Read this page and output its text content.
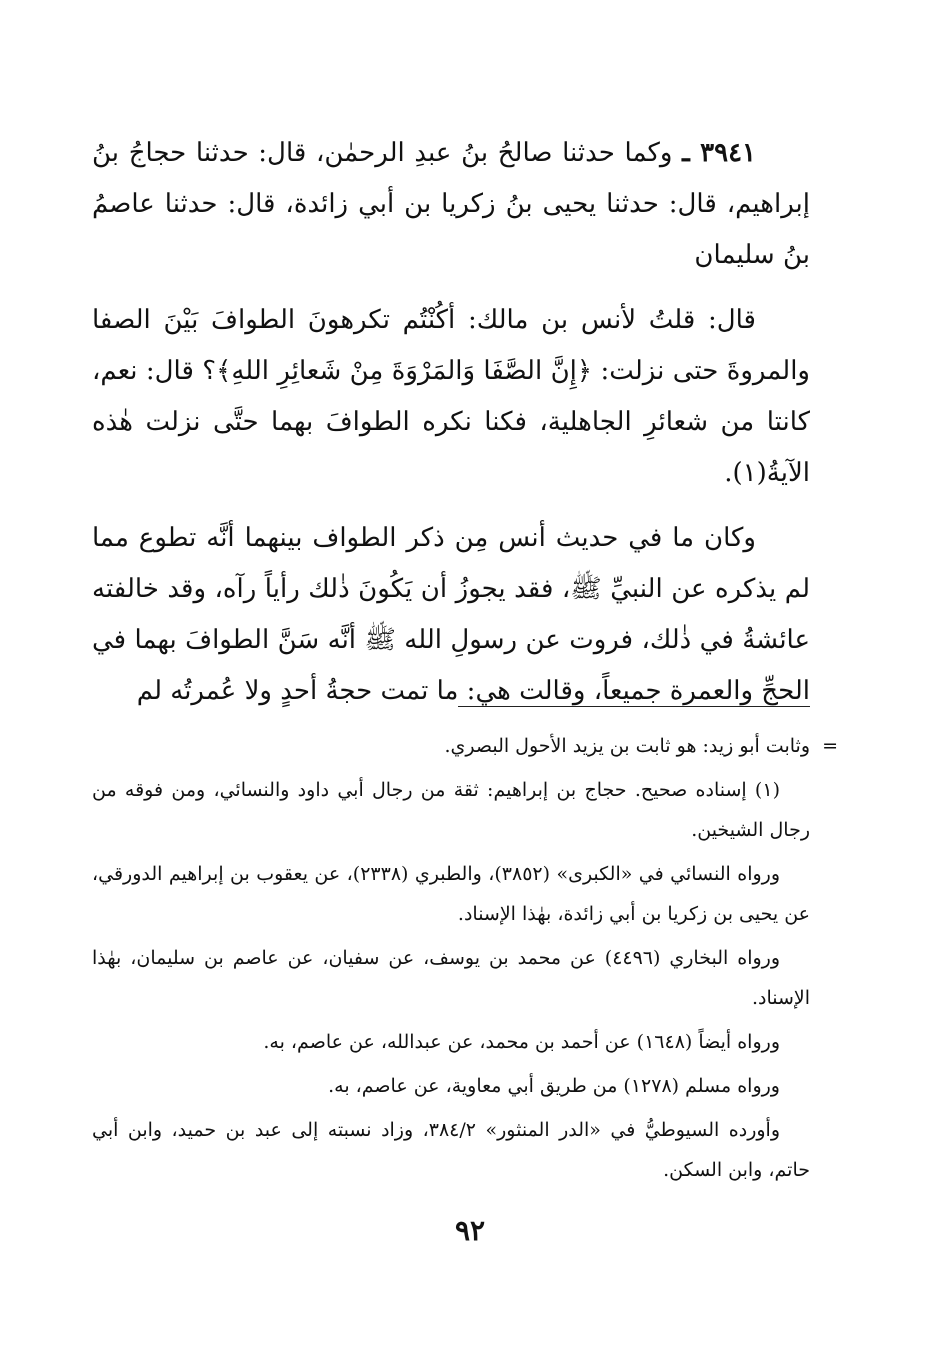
٣٩٤١ ـ وكما حدثنا صالحُ بنُ عبدِ الرحمٰن، قال: حدثنا حجاجُ بنُ إبراهيم، قال: حدثنا يحيى بنُ زكريا بن أبي زائدة، قال: حدثنا عاصمُ بنُ سليمان

قال: قلتُ لأنس بن مالك: أكُنْتُم تكرهونَ الطوافَ بَيْنَ الصفا والمروةَ حتى نزلت: ﴿إِنَّ الصَّفَا وَالمَرْوَةَ مِنْ شَعائِرِ اللهِ﴾؟ قال: نعم، كانتا من شعائرِ الجاهلية، فكنا نكره الطوافَ بهما حتَّى نزلت هٰذه الآيةُ(١).

وكان ما في حديث أنس مِن ذكر الطواف بينهما أنَّه تطوع مما لم يذكره عن النبيِّ ﷺ، فقد يجوزُ أن يَكُونَ ذٰلك رأياً رآه، وقد خالفته عائشةُ في ذٰلك، فروت عن رسولِ الله ﷺ أنَّه سَنَّ الطوافَ بهما في الحجِّ والعمرة جميعاً، وقالت هي: ما تمت حجةُ أحدٍ ولا عُمرتُه لم

=
وثابت أبو زيد: هو ثابت بن يزيد الأحول البصري.

(١) إسناده صحيح. حجاج بن إبراهيم: ثقة من رجال أبي داود والنسائي، ومن فوقه من رجال الشيخين.

ورواه النسائي في «الكبرى» (٣٨٥٢)، والطبري (٢٣٣٨)، عن يعقوب بن إبراهيم الدورقي، عن يحيى بن زكريا بن أبي زائدة، بهٰذا الإسناد.

ورواه البخاري (٤٤٩٦) عن محمد بن يوسف، عن سفيان، عن عاصم بن سليمان، بهٰذا الإسناد.

ورواه أيضاً (١٦٤٨) عن أحمد بن محمد، عن عبدالله، عن عاصم، به.

ورواه مسلم (١٢٧٨) من طريق أبي معاوية، عن عاصم، به.

وأورده السيوطيُّ في «الدر المنثور» ٣٨٤/٢، وزاد نسبته إلى عبد بن حميد، وابن أبي حاتم، وابن السكن.

٩٢
